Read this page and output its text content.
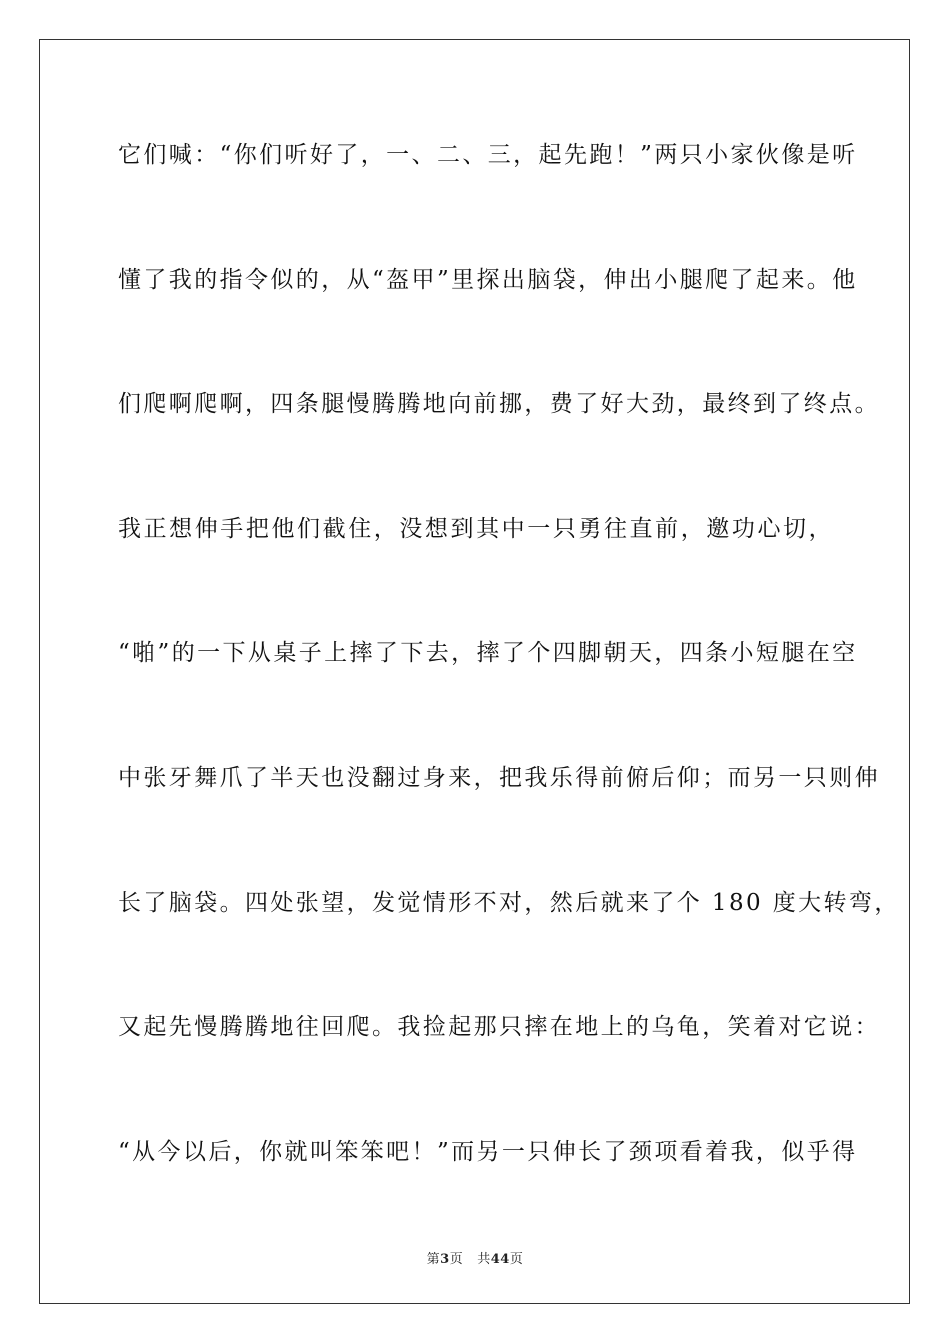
它们喊：“你们听好了，一、二、三，起先跑！”两只小家伙像是听
懂了我的指令似的，从“盔甲”里探出脑袋，伸出小腿爬了起来。他
们爬啊爬啊，四条腿慢腾腾地向前挪，费了好大劲，最终到了终点。
我正想伸手把他们截住，没想到其中一只勇往直前，邀功心切，
“啪”的一下从桌子上摔了下去，摔了个四脚朝天，四条小短腿在空
中张牙舞爪了半天也没翻过身来，把我乐得前俯后仰；而另一只则伸
长了脑袋。四处张望，发觉情形不对，然后就来了个 180 度大转弯，
又起先慢腾腾地往回爬。我捡起那只摔在地上的乌龟，笑着对它说：
“从今以后，你就叫笨笨吧！”而另一只伸长了颈项看着我，似乎得
第3页 共44页
